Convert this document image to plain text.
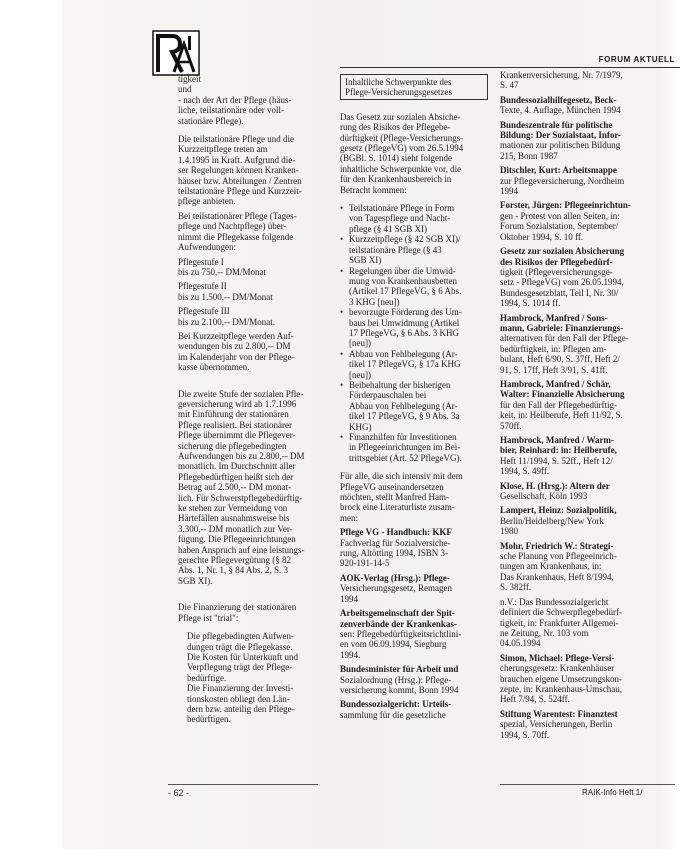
FORUM AKTUELL
tigkeit
und
- nach der Art der Pflege (häus-
liche, teilstationäre oder voll-
stationäre Pflege).

Die teilstationäre Pflege und die
Kurzzeitpflege treten am
1.4.1995 in Kraft. Aufgrund die-
ser Regelungen können Kranken-
häuser bzw. Abteilungen / Zentren
teilstationäre Pflege und Kurzzeit-
pflege anbieten.

Bei teilstationärer Pflege (Tages-
pflege und Nachtpflege) über-
nimmt die Pflegekasse folgende
Aufwendungen:

Pflegestufe I
bis zu 750,-- DM/Monat
Pflegestufe II
bis zu 1.500,-- DM/Monat
Pflegestufe III
bis zu 2.100,-- DM/Monat.

Bei Kurzzeitpflege werden Auf-
wendungen bis zu 2.800,-- DM
im Kalenderjahr von der Pflege-
kasse übernommen.

Die zweite Stufe der sozialen Pfle-
geversicherung wird ab 1.7.1996
mit Einführung der stationären
Pflege realisiert. Bei stationärer
Pflege übernimmt die Pflegever-
sicherung die pflegebedingten
Aufwendungen bis zu 2.800,-- DM
monatlich. Im Durchschnitt aller
Pflegebedürftigen heißt sich der
Betrag auf 2.500,-- DM monat-
lich. Für Schwerstpflegebedürftig-
ke stehen zur Vermeidung von
Härtefällen ausnahmsweise bis
3.300,-- DM monatlich zur Ver-
fügung. Die Pflegeeinrichtungen
haben Anspruch auf eine leistungs-
gerechte Pflegevergütung (§ 82
Abs. 1, Nr. 1, § 84 Abs. 2, S. 3
SGB XI).

Die Finanzierung der stationären
Pflege ist "trial":

Die pflegebedingten Aufwen-
dungen trägt die Pflegekasse.
Die Kosten für Unterkunft und
Verpflegung trägt der Pflege-
bedürftige.
Die Finanzierung der Investi-
tionskosten obliegt den Län-
dern bzw. anteilig den Pflege-
bedürftigen.
Inhaltliche Schwerpunkte des
Pflege-Versicherungsgesetzes

Das Gesetz zur sozialen Absiche-
rung des Risikos der Pflegebe-
dürftigkeit (Pflege-Versicherungs-
gesetz (PflegeVG) vom 26.5.1994
(BGBl. S. 1014) sieht folgende
inhaltliche Schwerpunkte vor, die
für den Krankenhausbereich in
Betracht kommen:

• Teilstationäre Pflege in Form
von Tagespflege und Nacht-
pflege (§ 41 SGB XI)
• Kurzzeitpflege (§ 42 SGB XI)/
teilstationäre Pflege (§ 43
SGB XI)
• Regelungen über die Umwid-
mung von Krankenhausbetten
(Artikel 17 PflegeVG, § 6 Abs.
3 KHG [neu])
• bevorzugte Förderung des Um-
baus bei Umwidmung (Artikel
17 PflegeVG, § 6 Abs. 3 KHG
[neu])
• Abbau von Fehlbelegung (Ar-
tikel 17 PflegeVG, § 17a KHG
[neu])
• Beibehaltung der bisherigen
Förderpauschalen bei
Abbau von Fehlbelegung (Ar-
tikel 17 PflegeVG, § 9 Abs. 3a
KHG)
• Finanzhilfen für Investitionen
in Pflegeeinrichtungen im Bei-
trittsgebiet (Art. 52 PflegeVG).

Für alle, die sich intensiv mit dem
PflegeVG auseinandersetzen
möchten, stellt Manfred Ham-
brock eine Literaturliste zusam-
men:

Pflege VG - Handbuch: KKF
Fachverlag für Sozialversiche-
rung, Altötting 1994, ISBN 3-
920-191-14-5
AOK-Verlag (Hrsg.): Pflege-
Versicherungsgesetz, Remagen
1994
Arbeitsgemeinschaft der Spit-
zenverbände der Krankenkas-
sen: Pflegebedürftigkeitsrichtlini-
en vom 06.09.1994, Siegburg
1994.
Bundesminister für Arbeit und
Sozialordnung (Hrsg.): Pflege-
versicherung kommt, Bonn 1994
Bundessozialgericht: Urteils-
sammlung für die gesetzliche
Krankenversicherung, Nr. 7/1979,
S. 47
Bundessozialhilfegesetz, Beck-
Texte, 4. Auflage, München 1994
Bundeszentrale für politische
Bildung: Der Sozialstaat, Infor-
mationen zur politischen Bildung
215, Bonn 1987
Ditschler, Kurt: Arbeitsmappe
zur Pflegeversicherung, Nordheim
1994
Forster, Jürgen: Pflegeeinrichtun-
gen - Protest von allen Seiten, in:
Forum Sozialstation, September/
Oktober 1994, S. 10 ff.
Gesetz zur sozialen Absicherung
des Risikos der Pflegebedürf-
tigkeit (Pflegeversicherungsge-
setz - PflegeVG) vom 26.05.1994,
Bundesgesetzblatt, Teil I, Nr. 30/
1994, S. 1014 ff.
Hambrock, Manfred / Sons-
mann, Gabriele: Finanzierungs-
alternativen für den Fall der Pflege-
bedürftigkeit, in: Pflegen am-
bulant, Heft 6/90, S. 37ff, Heft 2/
91, S. 17ff, Heft 3/91, S. 41ff.
Hambrock, Manfred / Schär,
Walter: Finanzielle Absicherung
für den Fall der Pflegebedürftig-
keit, in: Heilberufe, Heft 11/92, S.
570ff.
Hambrock, Manfred / Warm-
bier, Reinhard: in: Heilberufe,
Heft 11/1994, S. 52ff., Heft 12/
1994, S. 49ff.
Klose, H. (Hrsg.): Altern der
Gesellschaft, Köln 1993
Lampert, Heinz: Sozialpolitik,
Berlin/Heidelberg/New York
1980
Mohr, Friedrich W.: Strategi-
sche Planung von Pflegeeinrich-
tungen am Krankenhaus, in:
Das Krankenhaus, Heft 8/1994,
S. 382ff.
n.V.: Das Bundessozialgericht
definiert die Schwerpflegebedürf-
tigkeit, in: Frankfurter Allgemei-
ne Zeitung, Nr. 103 vom
04.05.1994
Simon, Michael: Pflege-Versi-
cherungsgesetz: Krankenhäuser
brauchen eigene Umsetzungskon-
zepte, in: Krankenhaus-Umschau,
Heft 7/94, S. 524ff.
Stiftung Warentest: Finanztest
spezial, Versicherungen, Berlin
1994, S. 70ff.
- 62 -	RAIK-Info Heft 1/
